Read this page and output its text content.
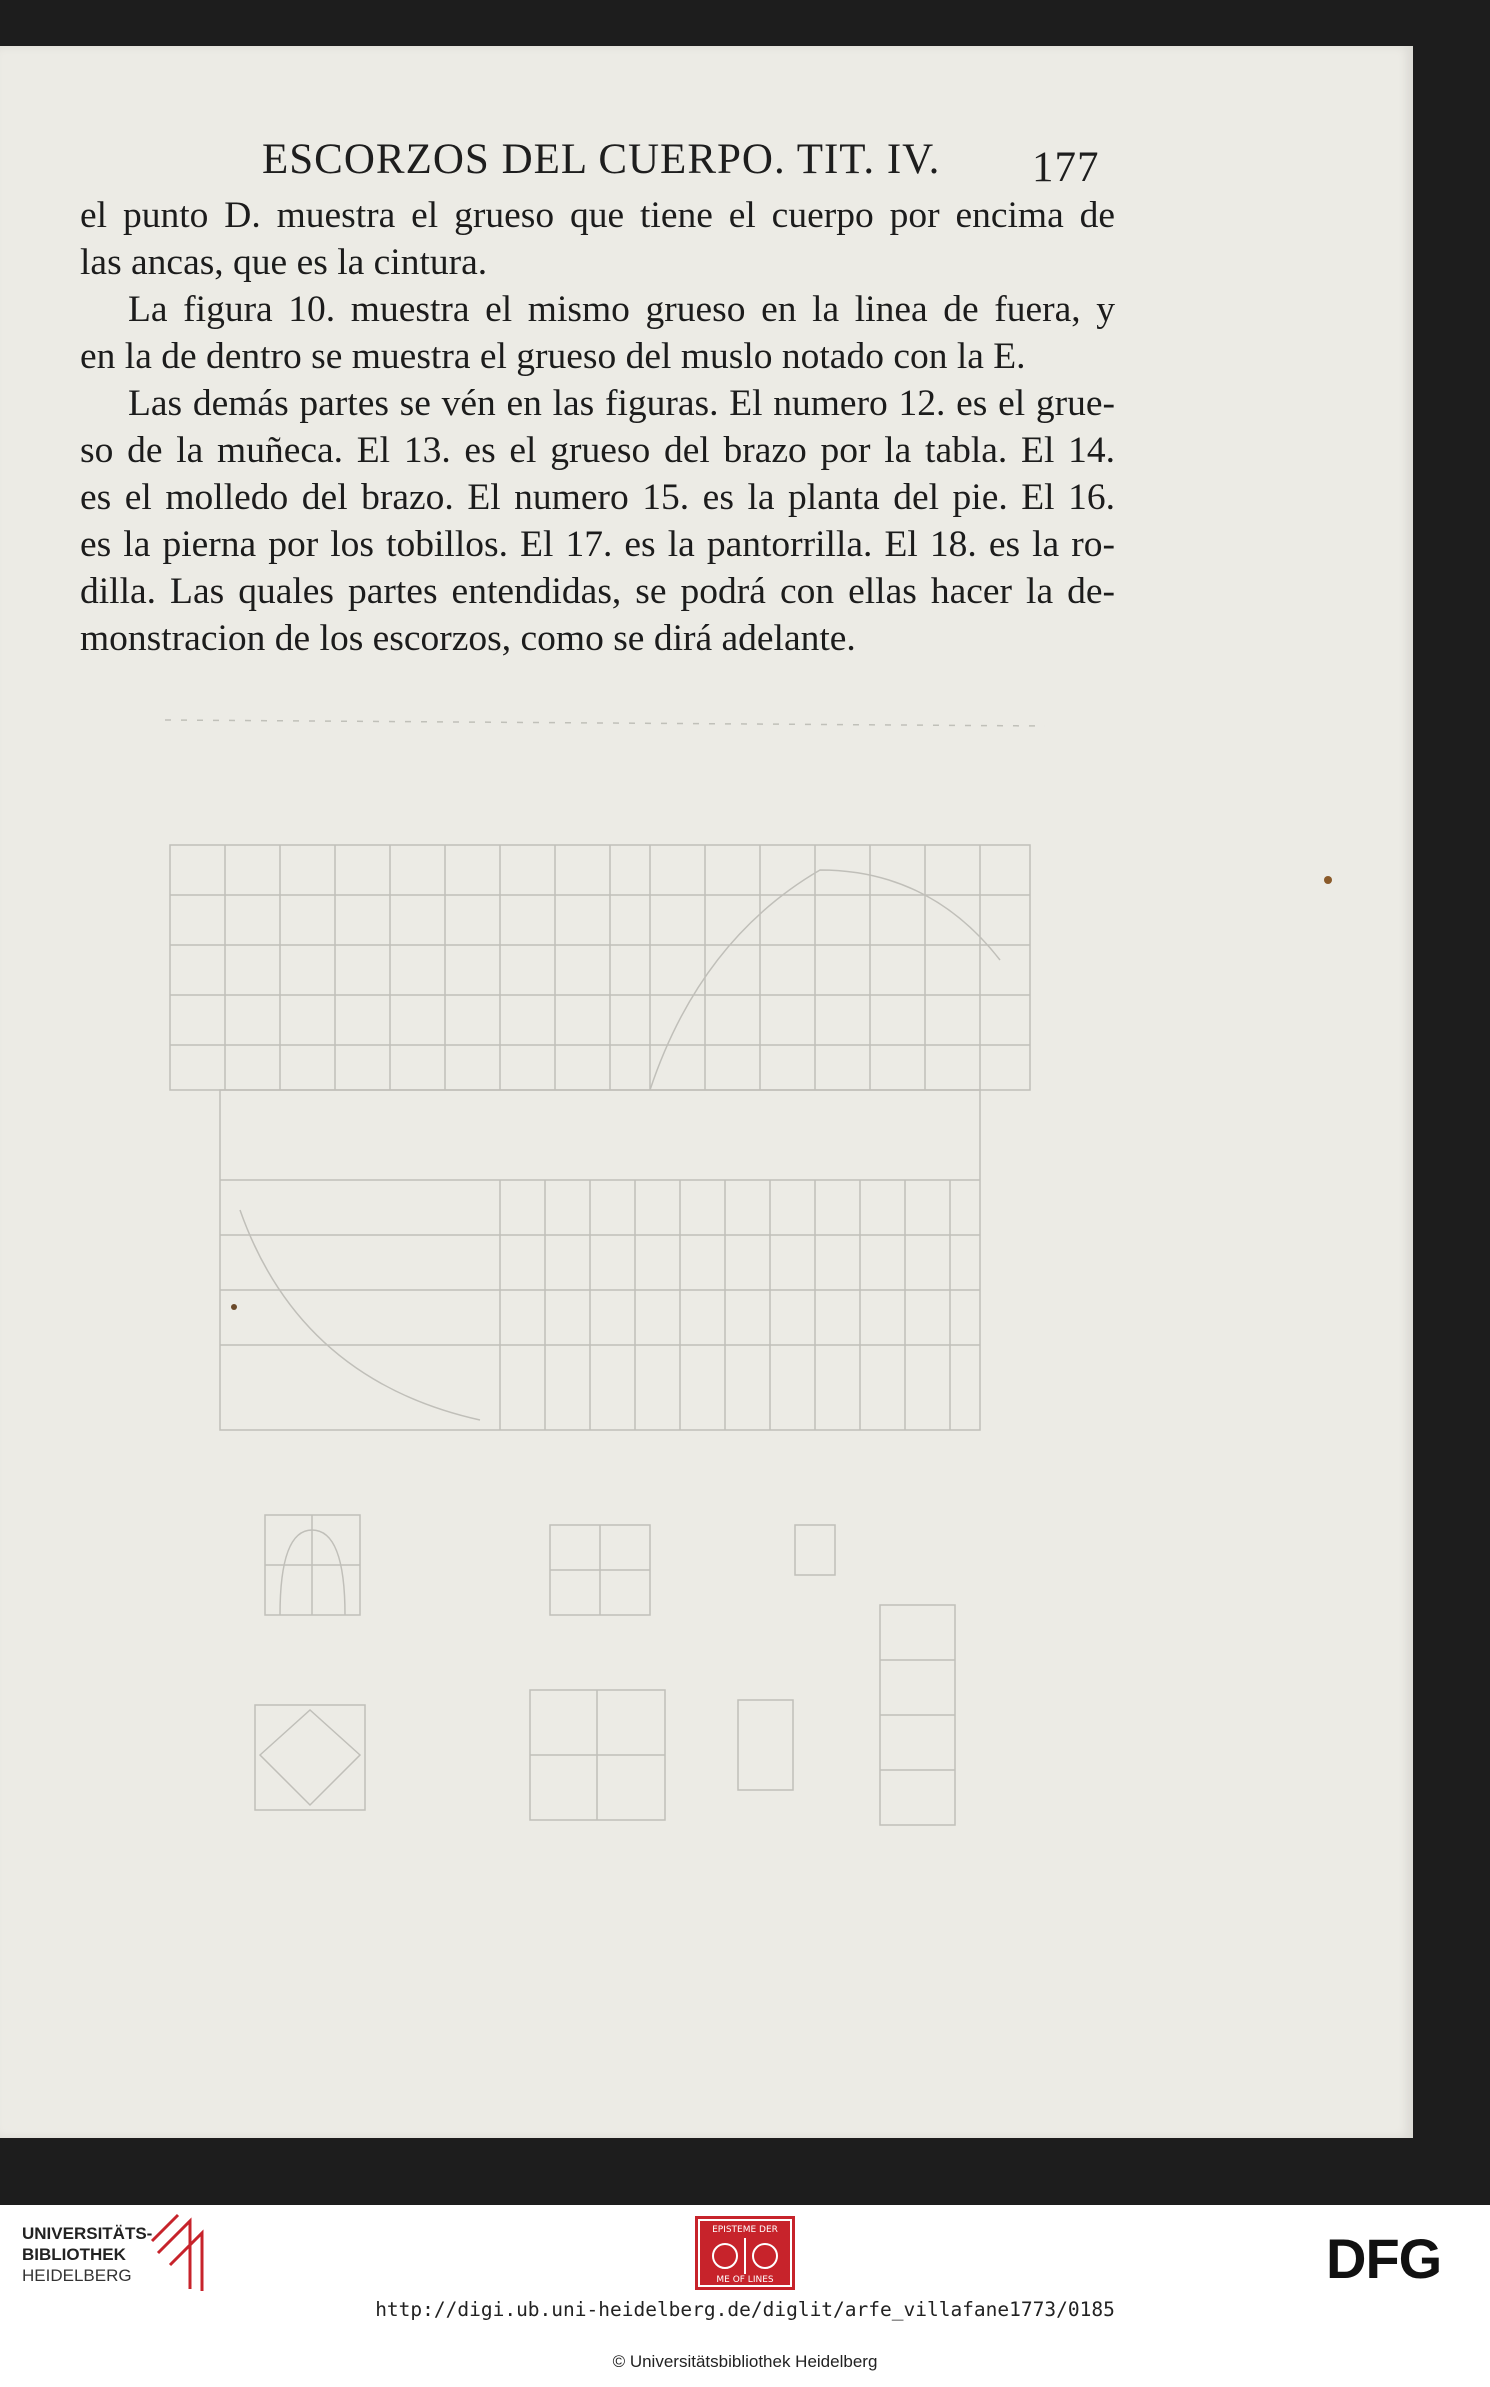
ESCORZOS DEL CUERPO. TIT. IV. 177
el punto D. muestra el grueso que tiene el cuerpo por encima de
las ancas, que es la cintura.
La figura 10. muestra el mismo grueso en la linea de fuera, y
en la de dentro se muestra el grueso del muslo notado con la E.
Las demás partes se vén en las figuras. El numero 12. es el grue-
so de la muñeca. El 13. es el grueso del brazo por la tabla. El 14.
es el molledo del brazo. El numero 15. es la planta del pie. El 16.
es la pierna por los tobillos. El 17. es la pantorrilla. El 18. es la ro-
dilla. Las quales partes entendidas, se podrá con ellas hacer la de-
monstracion de los escorzos, como se dirá adelante.
UNIVERSITÄTS-
BIBLIOTHEK
HEIDELBERG
EPISTEME DER
ME OF LINES	DFG
http://digi.ub.uni-heidelberg.de/diglit/arfe_villafane1773/0185
© Universitätsbibliothek Heidelberg
